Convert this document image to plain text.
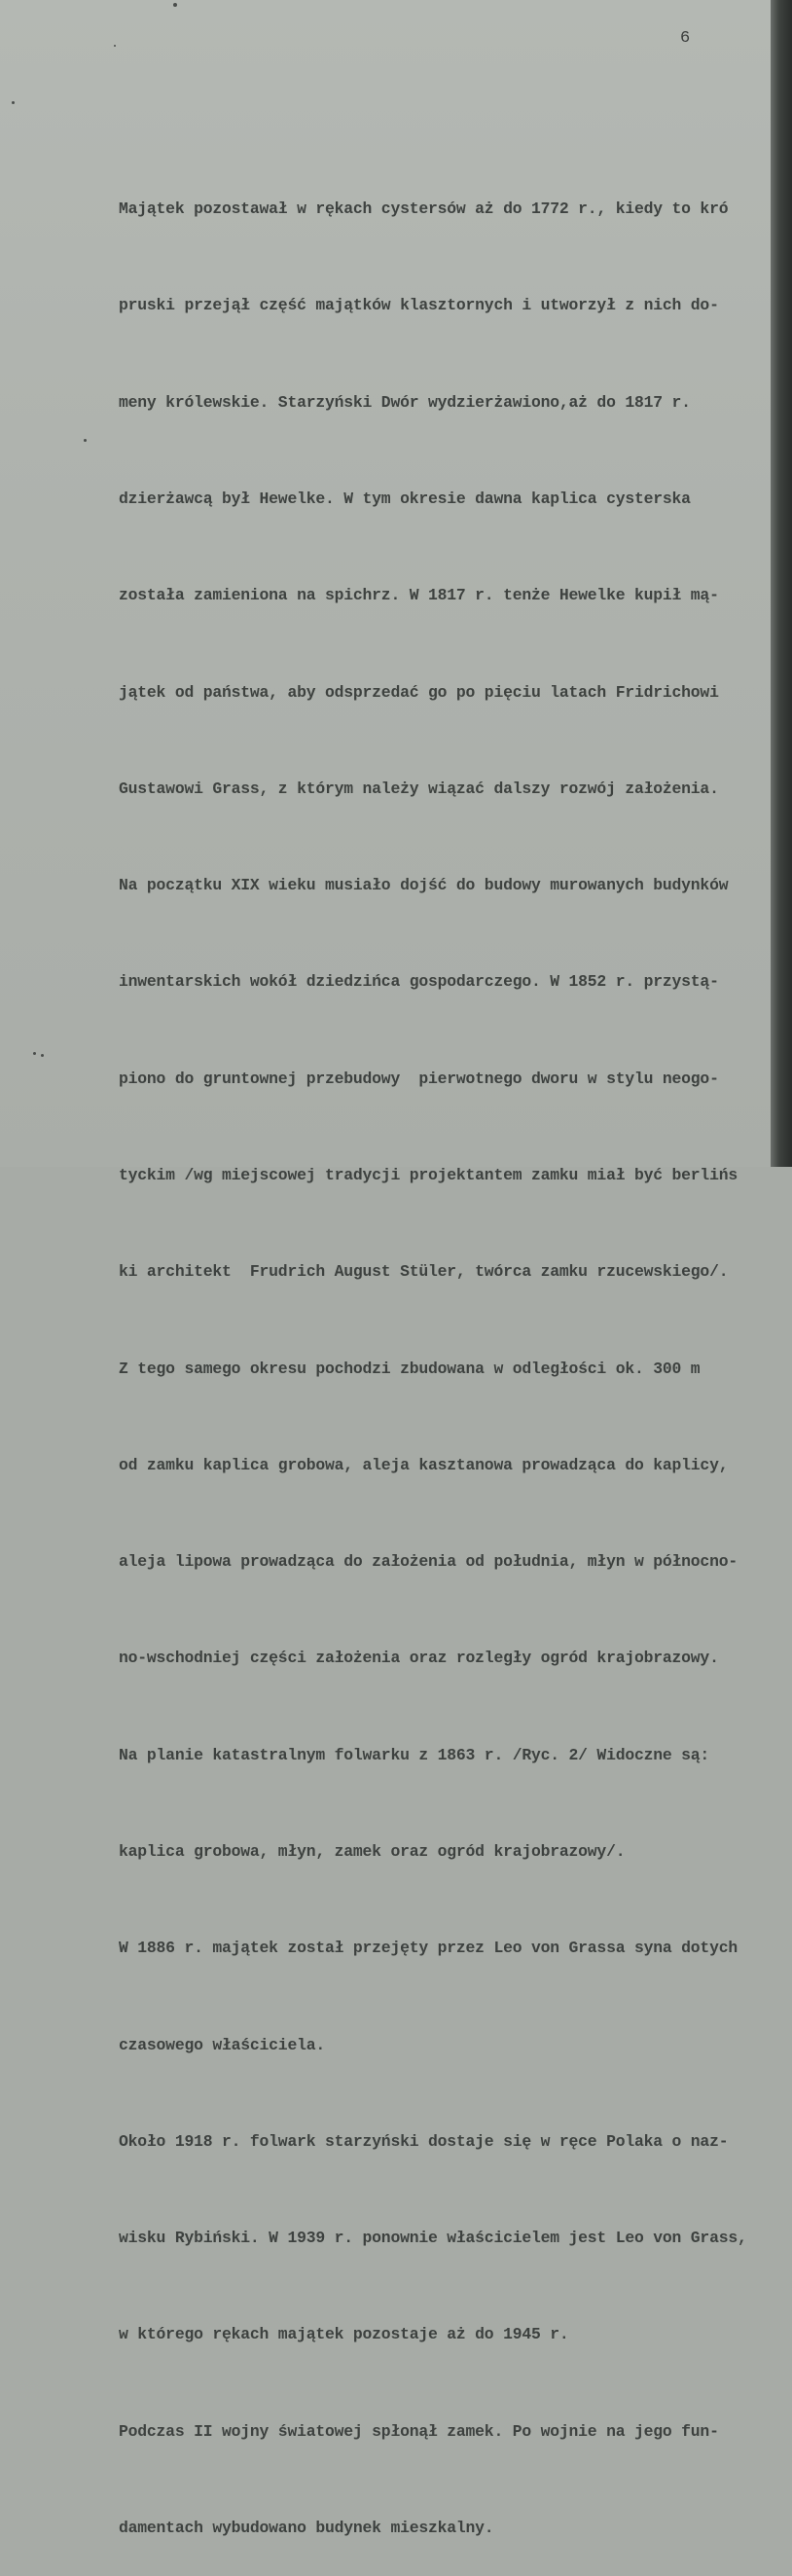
6

Majątek pozostawał w rękach cystersów aż do 1772 r., kiedy to kró

pruski przejął część majątków klasztornych i utworzył z nich do-

meny królewskie. Starzyński Dwór wydzierżawiono,aż do 1817 r.

dzierżawcą był Hewelke. W tym okresie dawna kaplica cysterska

została zamieniona na spichrz. W 1817 r. tenże Hewelke kupił mą-

jątek od państwa, aby odsprzedać go po pięciu latach Fridrichowi

Gustawowi Grass, z którym należy wiązać dalszy rozwój założenia.

Na początku XIX wieku musiało dojść do budowy murowanych budynków

inwentarskich wokół dziedzińca gospodarczego. W 1852 r. przystą-

piono do gruntownej przebudowy  pierwotnego dworu w stylu neogo-

tyckim /wg miejscowej tradycji projektantem zamku miał być berlińs

ki architekt  Frudrich August Stüler, twórca zamku rzucewskiego/.

Z tego samego okresu pochodzi zbudowana w odległości ok. 300 m

od zamku kaplica grobowa, aleja kasztanowa prowadząca do kaplicy,

aleja lipowa prowadząca do założenia od południa, młyn w północno-

no-wschodniej części założenia oraz rozległy ogród krajobrazowy.

Na planie katastralnym folwarku z 1863 r. /Ryc. 2/ Widoczne są:

kaplica grobowa, młyn, zamek oraz ogród krajobrazowy/.

W 1886 r. majątek został przejęty przez Leo von Grassa syna dotych

czasowego właściciela.

Około 1918 r. folwark starzyński dostaje się w ręce Polaka o naz-

wisku Rybiński. W 1939 r. ponownie właścicielem jest Leo von Grass,

w którego rękach majątek pozostaje aż do 1945 r.

Podczas II wojny światowej spłonął zamek. Po wojnie na jego fun-

damentach wybudowano budynek mieszkalny.
